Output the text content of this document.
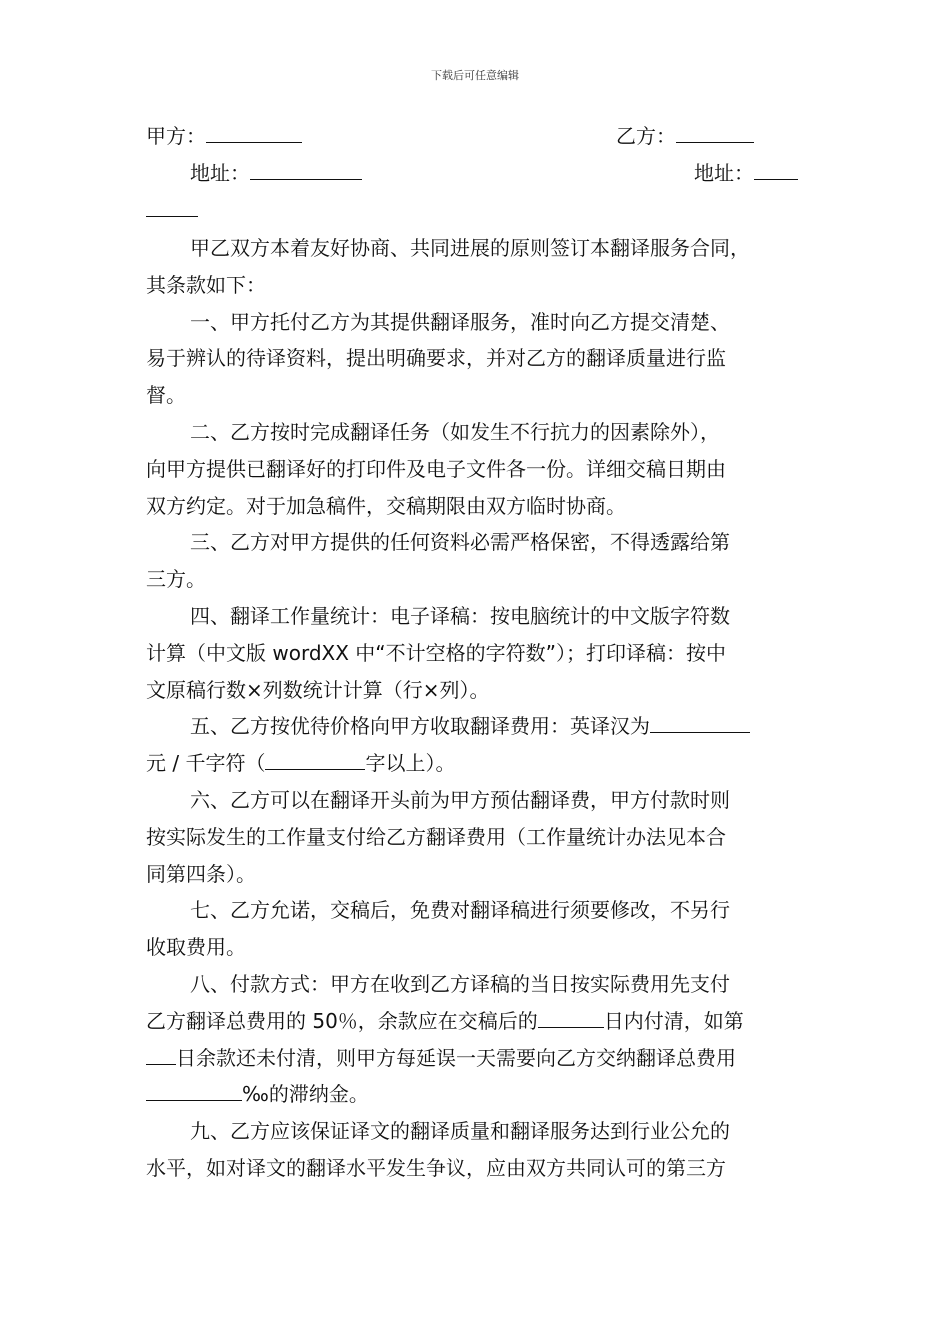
下载后可任意编辑
甲方：	乙方：
地址：	地址：
甲乙双方本着友好协商、共同进展的原则签订本翻译服务合同，
其条款如下：
一、甲方托付乙方为其提供翻译服务，准时向乙方提交清楚、
易于辨认的待译资料，提出明确要求，并对乙方的翻译质量进行监
督。
二、乙方按时完成翻译任务（如发生不行抗力的因素除外），
向甲方提供已翻译好的打印件及电子文件各一份。详细交稿日期由
双方约定。对于加急稿件，交稿期限由双方临时协商。
三、乙方对甲方提供的任何资料必需严格保密，不得透露给第
三方。
四、翻译工作量统计：电子译稿：按电脑统计的中文版字符数
计算（中文版 wordXX 中“不计空格的字符数”）；打印译稿：按中
文原稿行数×列数统计计算（行×列）。
五、乙方按优待价格向甲方收取翻译费用：英译汉为
元 / 千字符（	字以上）。
六、乙方可以在翻译开头前为甲方预估翻译费，甲方付款时则
按实际发生的工作量支付给乙方翻译费用（工作量统计办法见本合
同第四条）。
七、乙方允诺，交稿后，免费对翻译稿进行须要修改，不另行
收取费用。
八、付款方式：甲方在收到乙方译稿的当日按实际费用先支付
乙方翻译总费用的 50％，余款应在交稿后的	日内付清，如第
日余款还未付清，则甲方每延误一天需要向乙方交纳翻译总费用
‰的滞纳金。
九、乙方应该保证译文的翻译质量和翻译服务达到行业公允的
水平，如对译文的翻译水平发生争议，应由双方共同认可的第三方
